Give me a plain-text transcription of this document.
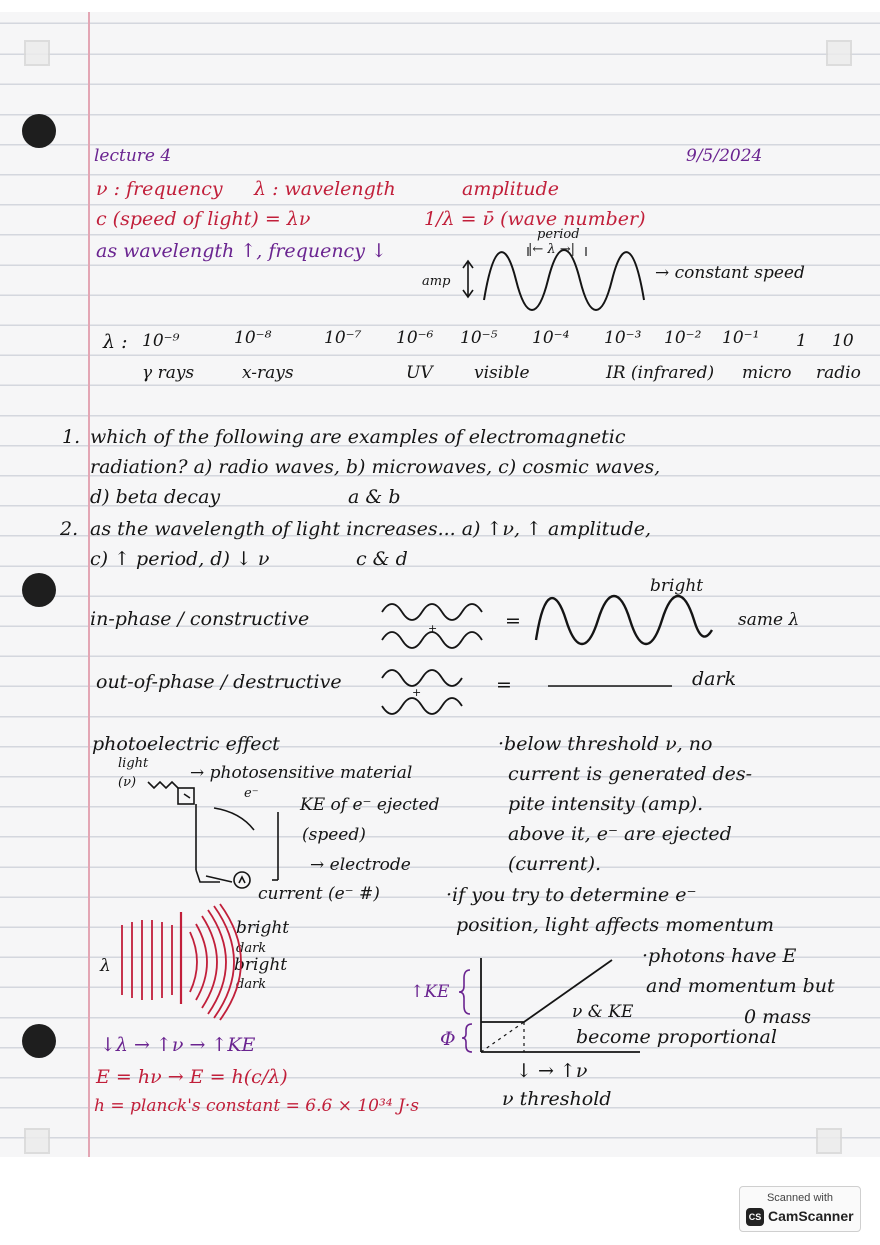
lecture 4	9/5/2024
ν : frequency λ : wavelength	amplitude
c (speed of light) = λν	1/λ = ν̄ (wave number)
as wavelength ↑, frequency ↓
period
|← λ →|
amp	→ constant speed
λ : 10⁻⁹	10⁻⁸	10⁻⁷ 10⁻⁶ 10⁻⁵ 10⁻⁴ 10⁻³ 10⁻² 10⁻¹ 1 10
γ rays	x-rays	UV visible	IR (infrared) micro radio
1. which of the following are examples of electromagnetic
radiation? a) radio waves, b) microwaves, c) cosmic waves,
d) beta decay	a & b
2. as the wavelength of light increases... a) ↑ν, ↑ amplitude,
c) ↑ period, d) ↓ ν	c & d
in-phase / constructive	=
bright
same λ
out-of-phase / destructive	=	dark
photoelectric effect
light
(ν)	→ photosensitive material
e⁻
KE of e⁻ ejected
(speed)
→ electrode
current (e⁻ #)
·below threshold ν, no
current is generated des-
pite intensity (amp).
above it, e⁻ are ejected
(current).
·if you try to determine e⁻
position, light affects momentum
·photons have E
and momentum but
0 mass
λ
bright
dark
bright
dark	↑KE
Φ
ν & KE
become proportional
↓ → ↑ν
ν threshold
↓λ → ↑ν → ↑KE
E = hν → E = h(c/λ)
h = planck's constant = 6.6 × 10³⁴ J·s
+
+
Scanned with
CS CamScanner
